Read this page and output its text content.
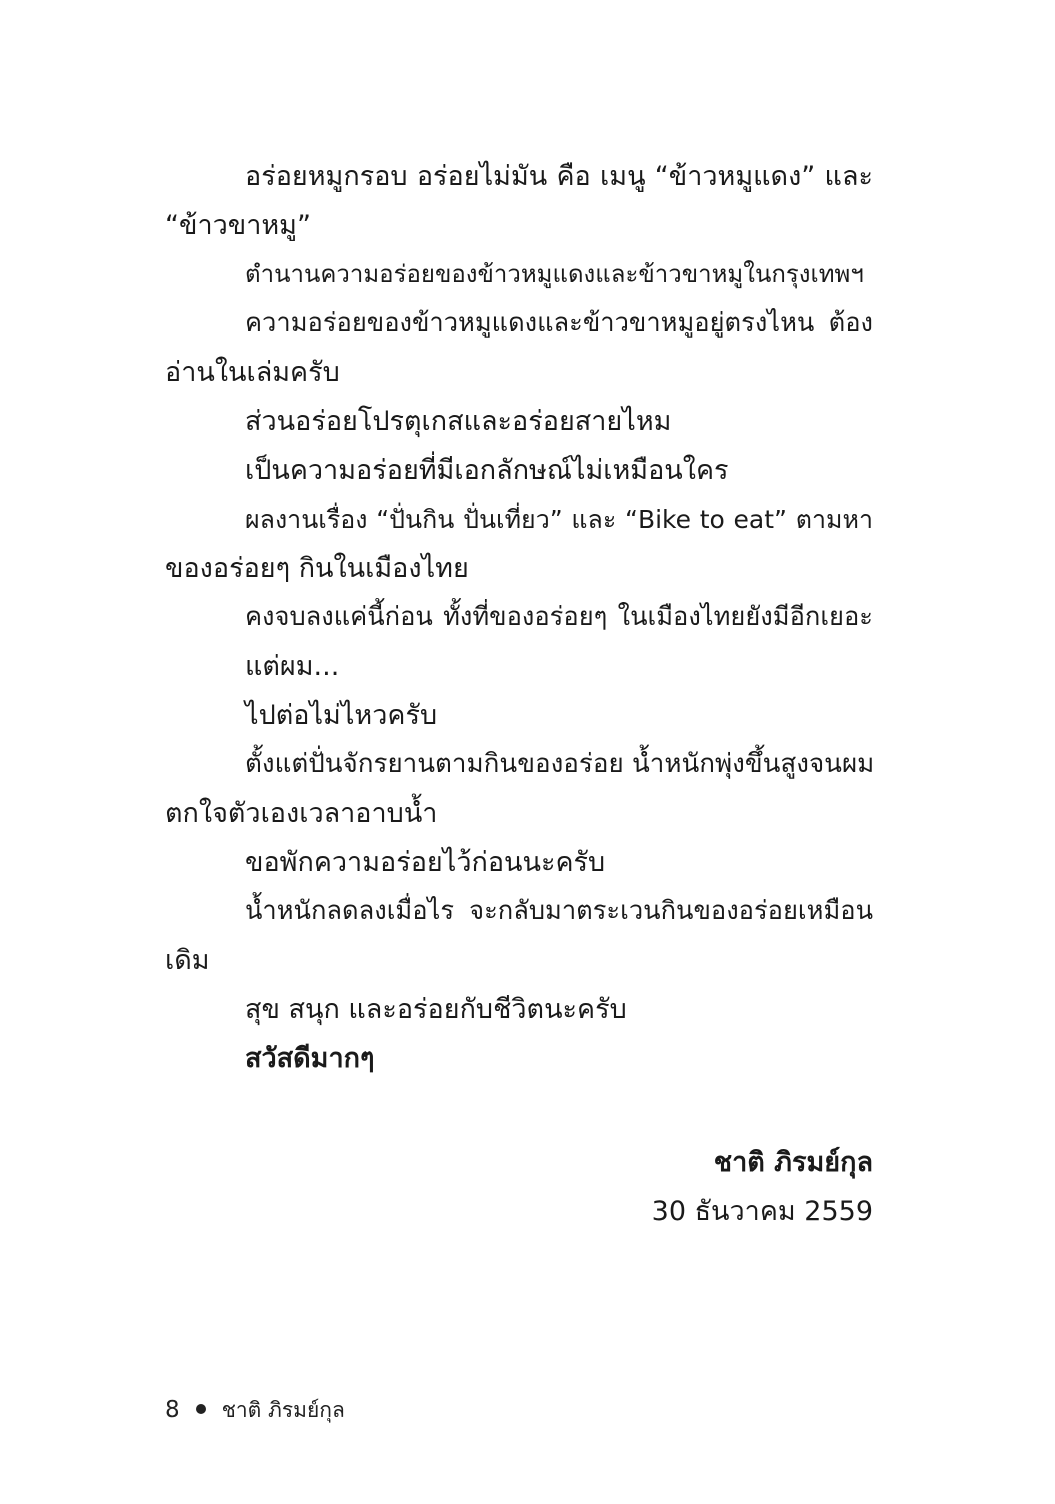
อร่อยหมูกรอบ อร่อยไม่มัน คือ เมนู “ข้าวหมูแดง” และ
“ข้าวขาหมู”
ตำนานความอร่อยของข้าวหมูแดงและข้าวขาหมูในกรุงเทพฯ
ความอร่อยของข้าวหมูแดงและข้าวขาหมูอยู่ตรงไหน ต้อง
อ่านในเล่มครับ
ส่วนอร่อยโปรตุเกสและอร่อยสายไหม
เป็นความอร่อยที่มีเอกลักษณ์ไม่เหมือนใคร
ผลงานเรื่อง “ปั่นกิน ปั่นเที่ยว” และ “Bike to eat” ตามหา
ของอร่อยๆ กินในเมืองไทย
คงจบลงแค่นี้ก่อน ทั้งที่ของอร่อยๆ ในเมืองไทยยังมีอีกเยอะ
แต่ผม...
ไปต่อไม่ไหวครับ
ตั้งแต่ปั่นจักรยานตามกินของอร่อย น้ำหนักพุ่งขึ้นสูงจนผม
ตกใจตัวเองเวลาอาบน้ำ
ขอพักความอร่อยไว้ก่อนนะครับ
น้ำหนักลดลงเมื่อไร จะกลับมาตระเวนกินของอร่อยเหมือน
เดิม
สุข สนุก และอร่อยกับชีวิตนะครับ
สวัสดีมากๆ
ชาติ ภิรมย์กุล
30 ธันวาคม 2559
8 ชาติ ภิรมย์กุล
